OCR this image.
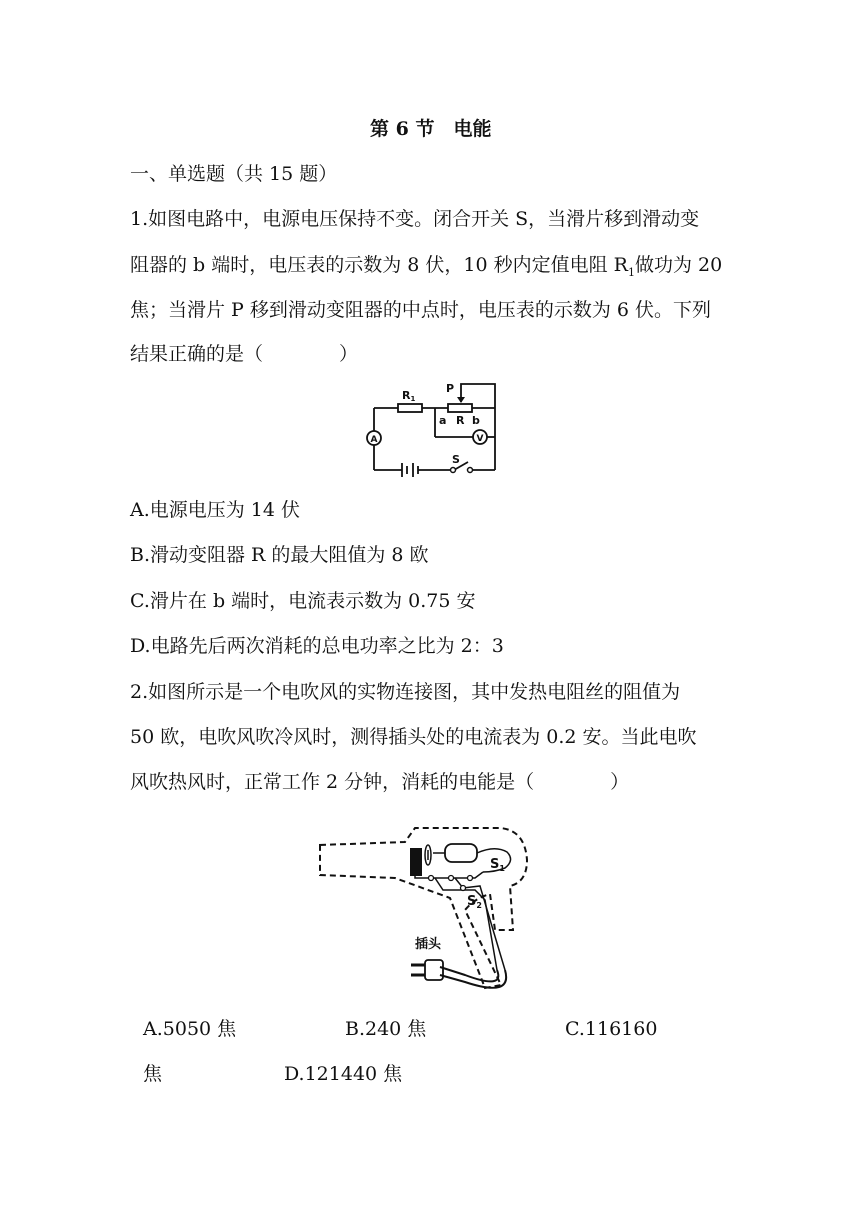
第 6 节　电能
一、单选题（共 15 题）
1.如图电路中，电源电压保持不变。闭合开关 S，当滑片移到滑动变
阻器的 b 端时，电压表的示数为 8 伏，10 秒内定值电阻 $R_1$做功为 20
焦；当滑片 P 移到滑动变阻器的中点时，电压表的示数为 6 伏。下列
结果正确的是（　　　　）
R1
P
a R b
A	V
S
A.电源电压为 14 伏
B.滑动变阻器 R 的最大阻值为 8 欧
C.滑片在 b 端时，电流表示数为 0.75 安
D.电路先后两次消耗的总电功率之比为 2：3
2.如图所示是一个电吹风的实物连接图，其中发热电阻丝的阻值为
50 欧，电吹风吹冷风时，测得插头处的电流表为 0.2 安。当此电吹
风吹热风时，正常工作 2 分钟，消耗的电能是（　　　　）
$S_1$
$S_2$
插头
A.5050 焦	B.240 焦	C.116160
焦	D.121440 焦
